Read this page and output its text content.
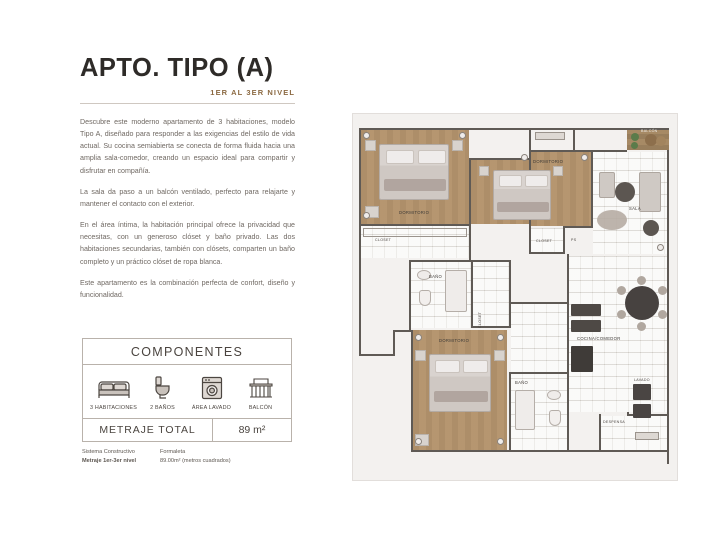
APTO. TIPO (A)
1ER AL 3ER NIVEL

Descubre este moderno apartamento de 3 habitaciones, modelo Tipo A, diseñado para responder a las exigencias del estilo de vida actual. Su cocina semiabierta se conecta de forma fluida hacia una amplia sala-comedor, creando un espacio ideal para compartir y disfrutar en compañía.

La sala da paso a un balcón ventilado, perfecto para relajarte y mantener el contacto con el exterior.

En el área íntima, la habitación principal ofrece la privacidad que necesitas, con un generoso clóset y baño privado. Las dos habitaciones secundarias, también con clósets, comparten un baño completo y un práctico clóset de ropa blanca.

Este apartamento es la combinación perfecta de confort, diseño y funcionalidad.

COMPONENTES
3 HABITACIONES	2 BAÑOS	ÁREA LAVADO	BALCÓN
METRAJE TOTAL	89 m²
Sistema Constructivo	Formaleta
Metraje 1er-3er nivel	89.00m² (metros cuadrados)
DORMITORIO
CLOSET
DORMITORIO
CLOSET	PS
DORMITORIO
CLOSET
BAÑO
BAÑO
SALA
BALCÓN
COCINA/COMEDOR
LAVADO
DESPENSA
